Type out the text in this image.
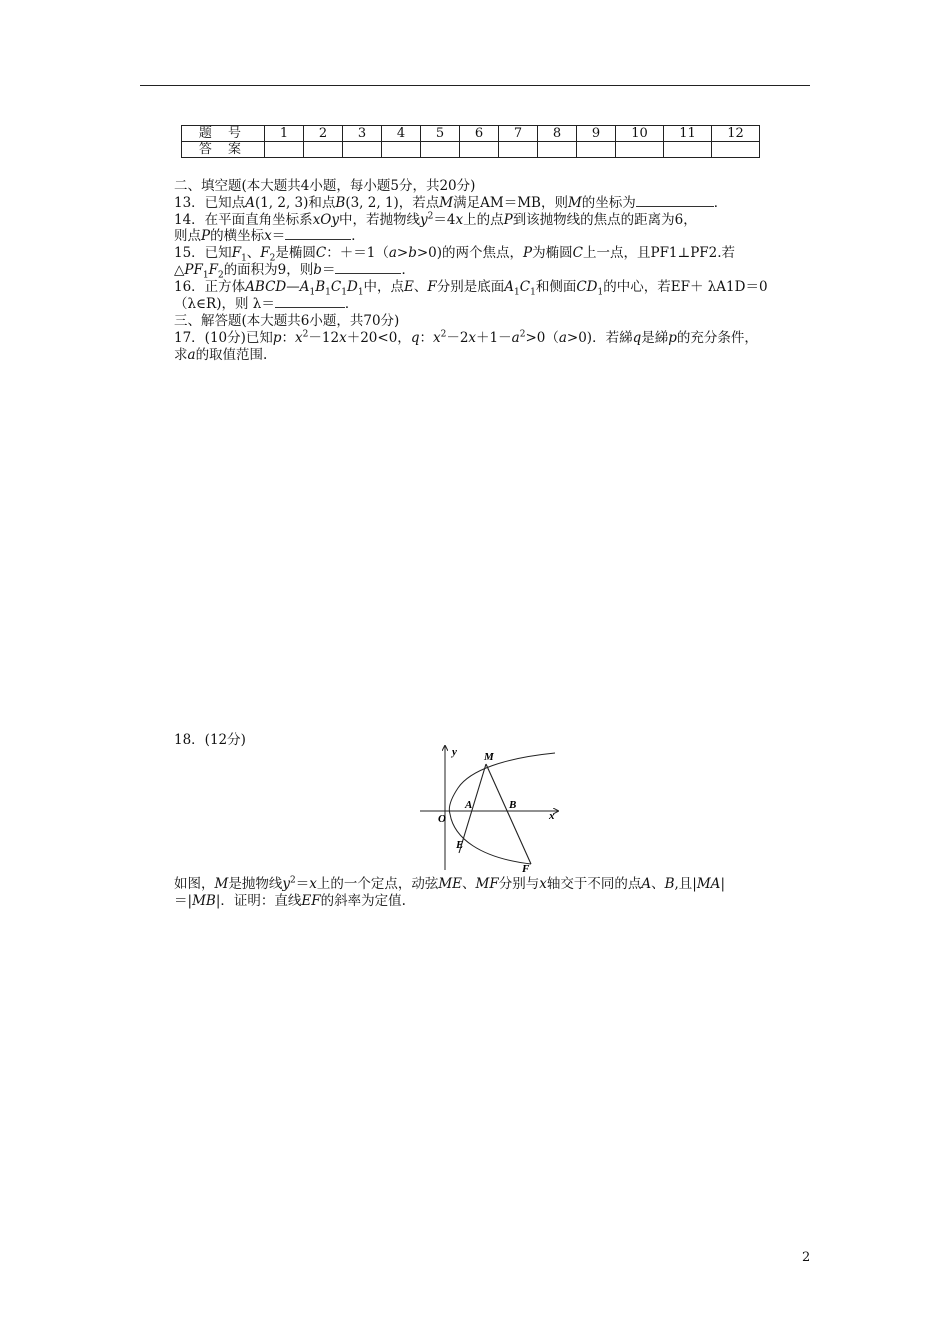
题 号	1	2	3	4	5	6	7	8	9	10	11	12
答 案												
二、填空题(本大题共4小题，每小题5分，共20分)
13．已知点A(1, 2, 3)和点B(3, 2, 1)，若点M满足AM＝MB，则M的坐标为	．
14．在平面直角坐标系xOy中，若抛物线$y^2=4x$上的点P到该抛物线的焦点的距离为6，
则点P的横坐标x＝	．
15．已知$F_1$、$F_2$是椭圆C：＋＝1（a>b>0)的两个焦点，P为椭圆C上一点，且PF1⊥PF2.若
$\triangle PF_1F_2$的面积为9，则b＝	．
16．正方体$ABCD—A_1B_1C_1D_1$中，点E、F分别是底面$A_1C_1$和侧面$CD_1$的中心，若EF＋ λA1D＝0
（λ∈R)，则 λ＝	．
三、解答题(本大题共6小题，共70分)
17．(10分)已知p：$x^2-12x+20<0$，q：$x^2-2x+1-a^2>0(a>0)$．若綈q是綈p的充分条件，
求a的取值范围.
18．(12分)
y M
A	B
O	x
E
F
如图，M是抛物线$y^2=x$上的一个定点，动弦ME、MF分别与x轴交于不同的点A、B,且|MA|
＝|MB|．证明：直线EF的斜率为定值.
2
